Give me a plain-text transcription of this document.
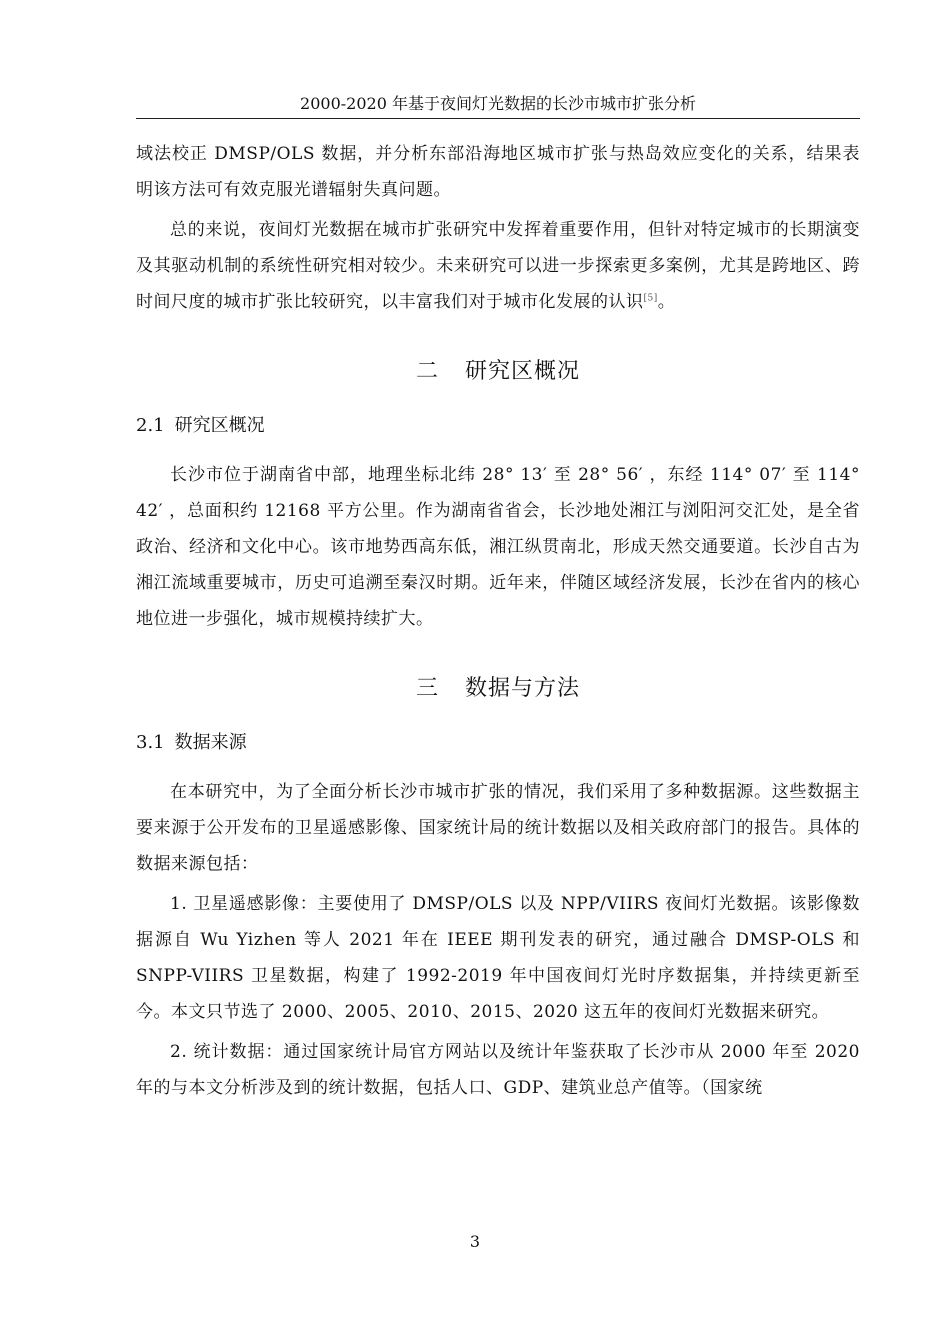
2000-2020 年基于夜间灯光数据的长沙市城市扩张分析

域法校正 DMSP/OLS 数据，并分析东部沿海地区城市扩张与热岛效应变化的关系，结果表明该方法可有效克服光谱辐射失真问题。

总的来说，夜间灯光数据在城市扩张研究中发挥着重要作用，但针对特定城市的长期演变及其驱动机制的系统性研究相对较少。未来研究可以进一步探索更多案例，尤其是跨地区、跨时间尺度的城市扩张比较研究，以丰富我们对于城市化发展的认识[5]。

二 研究区概况
2.1 研究区概况

长沙市位于湖南省中部，地理坐标北纬 28° 13′ 至 28° 56′ ，东经 114° 07′ 至 114° 42′ ，总面积约 12168 平方公里。作为湖南省省会，长沙地处湘江与浏阳河交汇处，是全省政治、经济和文化中心。该市地势西高东低，湘江纵贯南北，形成天然交通要道。长沙自古为湘江流域重要城市，历史可追溯至秦汉时期。近年来，伴随区域经济发展，长沙在省内的核心地位进一步强化，城市规模持续扩大。

三 数据与方法
3.1 数据来源

在本研究中，为了全面分析长沙市城市扩张的情况，我们采用了多种数据源。这些数据主要来源于公开发布的卫星遥感影像、国家统计局的统计数据以及相关政府部门的报告。具体的数据来源包括：

1. 卫星遥感影像：主要使用了 DMSP/OLS 以及 NPP/VIIRS 夜间灯光数据。该影像数据源自 Wu Yizhen 等人 2021 年在 IEEE 期刊发表的研究，通过融合 DMSP-OLS 和 SNPP-VIIRS 卫星数据，构建了 1992-2019 年中国夜间灯光时序数据集，并持续更新至今。本文只节选了 2000、2005、2010、2015、2020 这五年的夜间灯光数据来研究。

2. 统计数据：通过国家统计局官方网站以及统计年鉴获取了长沙市从 2000 年至 2020 年的与本文分析涉及到的统计数据，包括人口、GDP、建筑业总产值等。（国家统

3
